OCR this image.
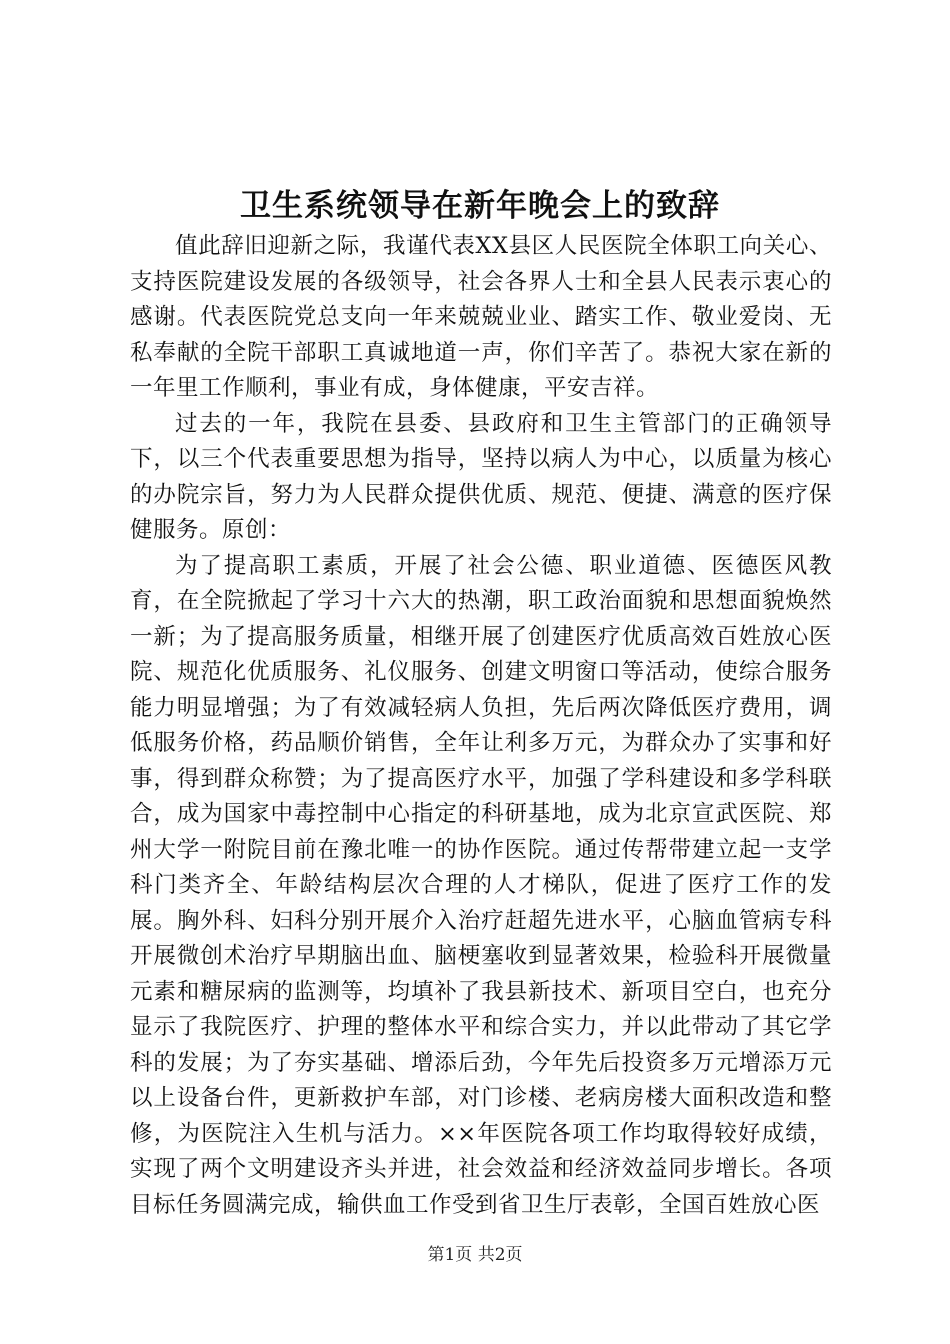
卫生系统领导在新年晚会上的致辞

值此辞旧迎新之际，我谨代表XX县区人民医院全体职工向关心、支持医院建设发展的各级领导，社会各界人士和全县人民表示衷心的感谢。代表医院党总支向一年来兢兢业业、踏实工作、敬业爱岗、无私奉献的全院干部职工真诚地道一声，你们辛苦了。恭祝大家在新的一年里工作顺利，事业有成，身体健康，平安吉祥。

过去的一年，我院在县委、县政府和卫生主管部门的正确领导下，以三个代表重要思想为指导，坚持以病人为中心，以质量为核心的办院宗旨，努力为人民群众提供优质、规范、便捷、满意的医疗保健服务。原创：

为了提高职工素质，开展了社会公德、职业道德、医德医风教育，在全院掀起了学习十六大的热潮，职工政治面貌和思想面貌焕然一新；为了提高服务质量，相继开展了创建医疗优质高效百姓放心医院、规范化优质服务、礼仪服务、创建文明窗口等活动，使综合服务能力明显增强；为了有效减轻病人负担，先后两次降低医疗费用，调低服务价格，药品顺价销售，全年让利多万元，为群众办了实事和好事，得到群众称赞；为了提高医疗水平，加强了学科建设和多学科联合，成为国家中毒控制中心指定的科研基地，成为北京宣武医院、郑州大学一附院目前在豫北唯一的协作医院。通过传帮带建立起一支学科门类齐全、年龄结构层次合理的人才梯队，促进了医疗工作的发展。胸外科、妇科分别开展介入治疗赶超先进水平，心脑血管病专科开展微创术治疗早期脑出血、脑梗塞收到显著效果，检验科开展微量元素和糖尿病的监测等，均填补了我县新技术、新项目空白，也充分显示了我院医疗、护理的整体水平和综合实力，并以此带动了其它学科的发展；为了夯实基础、增添后劲，今年先后投资多万元增添万元以上设备台件，更新救护车部，对门诊楼、老病房楼大面积改造和整修，为医院注入生机与活力。××年医院各项工作均取得较好成绩，实现了两个文明建设齐头并进，社会效益和经济效益同步增长。各项目标任务圆满完成，输供血工作受到省卫生厅表彰，全国百姓放心医

第1页 共2页
